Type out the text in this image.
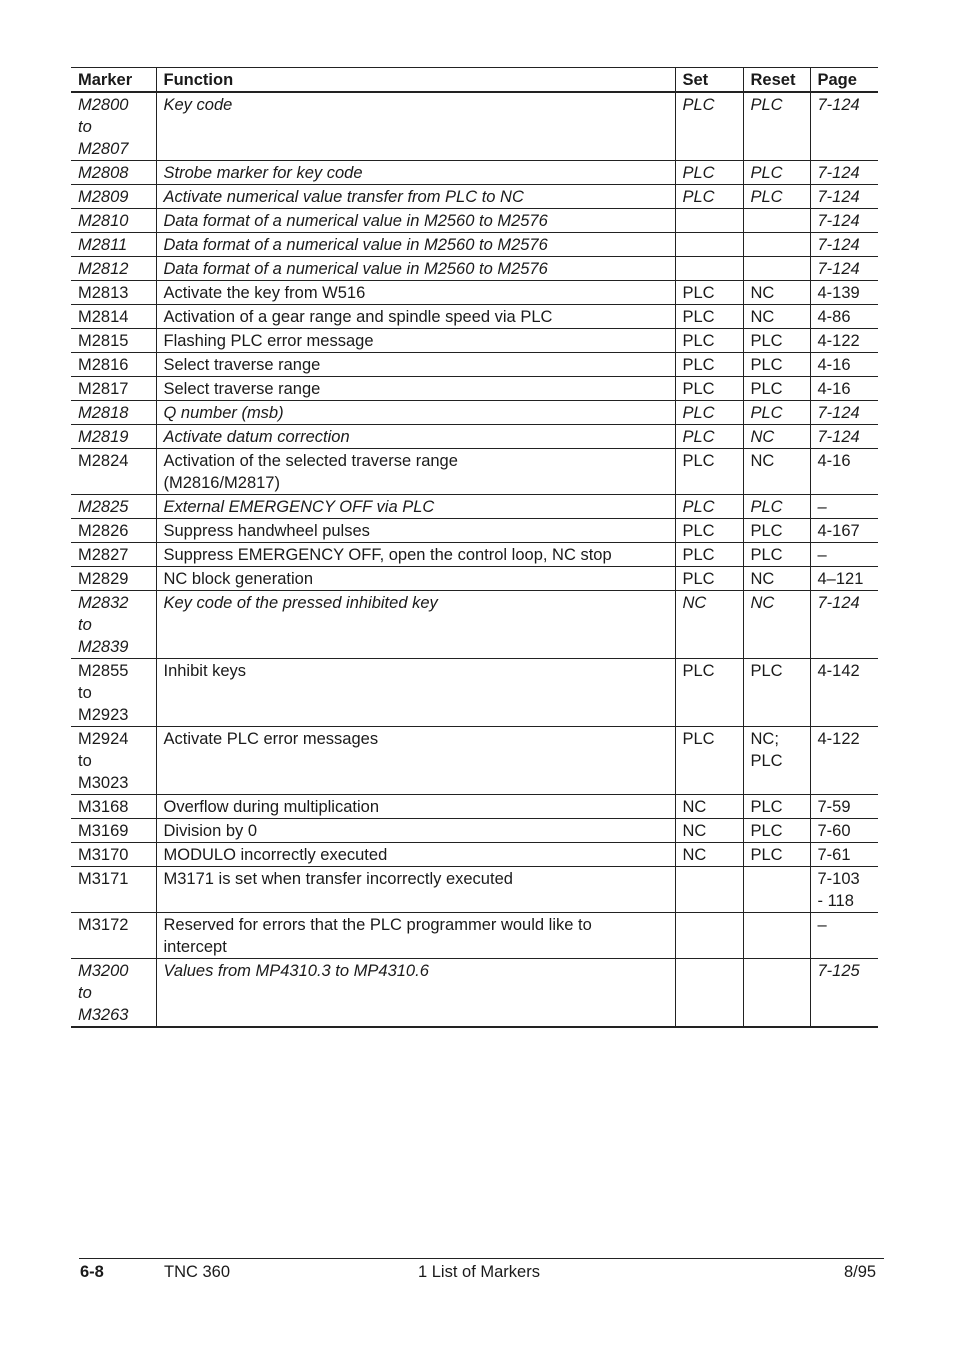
Marker	Function	Set	Reset	Page
M2800
to
M2807	Key code	PLC	PLC	7-124
M2808	Strobe marker for key code	PLC	PLC	7-124
M2809	Activate numerical value transfer from PLC to NC	PLC	PLC	7-124
M2810	Data format of a numerical value in M2560 to M2576			7-124
M2811	Data format of a numerical value in M2560 to M2576			7-124
M2812	Data format of a numerical value in M2560 to M2576			7-124
M2813	Activate the key from W516	PLC	NC	4-139
M2814	Activation of a gear range and spindle speed via PLC	PLC	NC	4-86
M2815	Flashing PLC error message	PLC	PLC	4-122
M2816	Select traverse range	PLC	PLC	4-16
M2817	Select traverse range	PLC	PLC	4-16
M2818	Q number (msb)	PLC	PLC	7-124
M2819	Activate datum correction	PLC	NC	7-124
M2824	Activation of the selected traverse range
(M2816/M2817)	PLC	NC	4-16
M2825	External EMERGENCY OFF via PLC	PLC	PLC	–
M2826	Suppress handwheel pulses	PLC	PLC	4-167
M2827	Suppress EMERGENCY OFF, open the control loop, NC stop	PLC	PLC	–
M2829	NC block generation	PLC	NC	4–121
M2832
to
M2839	Key code of the pressed inhibited key	NC	NC	7-124
M2855
to
M2923	Inhibit keys	PLC	PLC	4-142
M2924
to
M3023	Activate PLC error messages	PLC	NC;
PLC	4-122
M3168	Overflow during multiplication	NC	PLC	7-59
M3169	Division by 0	NC	PLC	7-60
M3170	MODULO incorrectly executed	NC	PLC	7-61
M3171	M3171 is set when transfer incorrectly executed			7-103
- 118
M3172	Reserved for errors that the PLC programmer would like to
intercept			–
M3200
to
M3263	Values from MP4310.3 to MP4310.6			7-125
6-8	TNC 360	1 List of Markers	8/95
